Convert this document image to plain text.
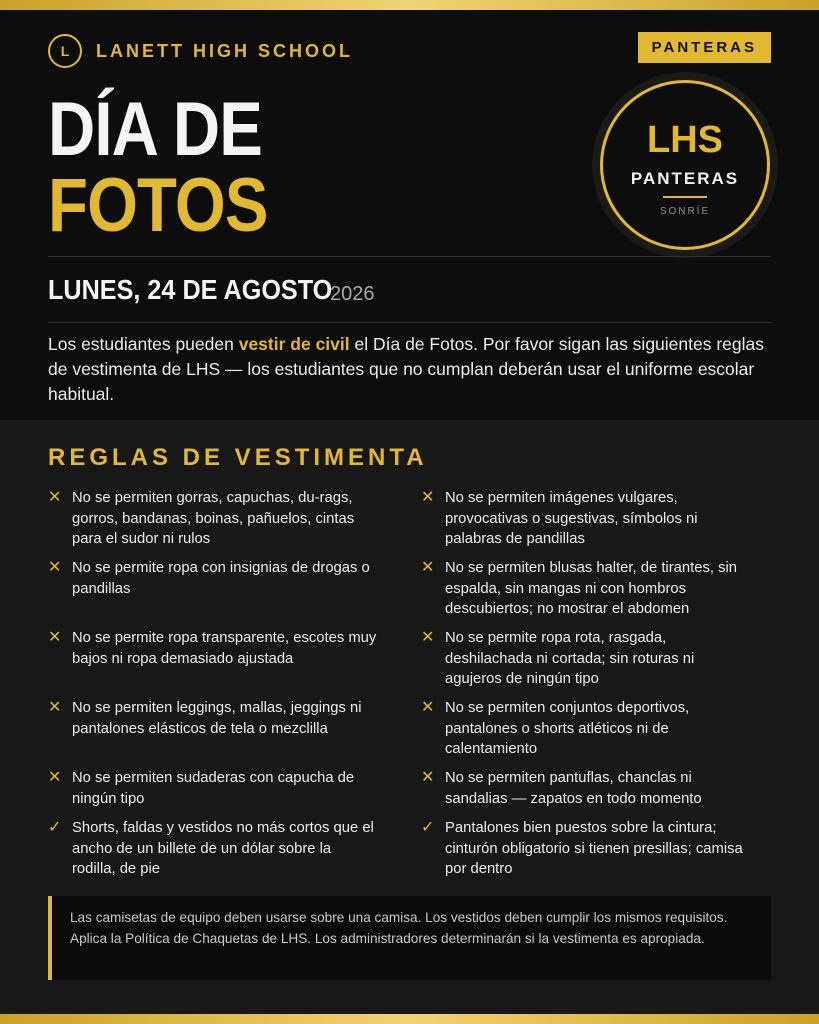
L	LANETT HIGH SCHOOL	PANTERAS
LHS
PANTERAS
SONRÍE
DÍA DE
FOTOS
LUNES, 24 DE AGOSTO
2026

Los estudiantes pueden vestir de civil el Día de Fotos. Por favor sigan las siguientes reglas de vestimenta de LHS — los estudiantes que no cumplan deberán usar el uniforme escolar habitual.

REGLAS DE VESTIMENTA
✕ No se permiten gorras, capuchas, du-rags, gorros, bandanas, boinas, pañuelos, cintas para el sudor ni rulos
✕ No se permiten imágenes vulgares, provocativas o sugestivas, símbolos ni palabras de pandillas
✕ No se permite ropa con insignias de drogas o pandillas
✕ No se permiten blusas halter, de tirantes, sin espalda, sin mangas ni con hombros descubiertos; no mostrar el abdomen
✕ No se permite ropa transparente, escotes muy bajos ni ropa demasiado ajustada
✕ No se permite ropa rota, rasgada, deshilachada ni cortada; sin roturas ni agujeros de ningún tipo
✕ No se permiten leggings, mallas, jeggings ni pantalones elásticos de tela o mezclilla
✕ No se permiten conjuntos deportivos, pantalones o shorts atléticos ni de calentamiento
✕ No se permiten sudaderas con capucha de ningún tipo
✕ No se permiten pantuflas, chanclas ni sandalias — zapatos en todo momento
✓ Shorts, faldas y vestidos no más cortos que el ancho de un billete de un dólar sobre la rodilla, de pie
✓ Pantalones bien puestos sobre la cintura; cinturón obligatorio si tienen presillas; camisa por dentro
Las camisetas de equipo deben usarse sobre una camisa. Los vestidos deben cumplir los mismos requisitos. Aplica la Política de Chaquetas de LHS. Los administradores determinarán si la vestimenta es apropiada.
